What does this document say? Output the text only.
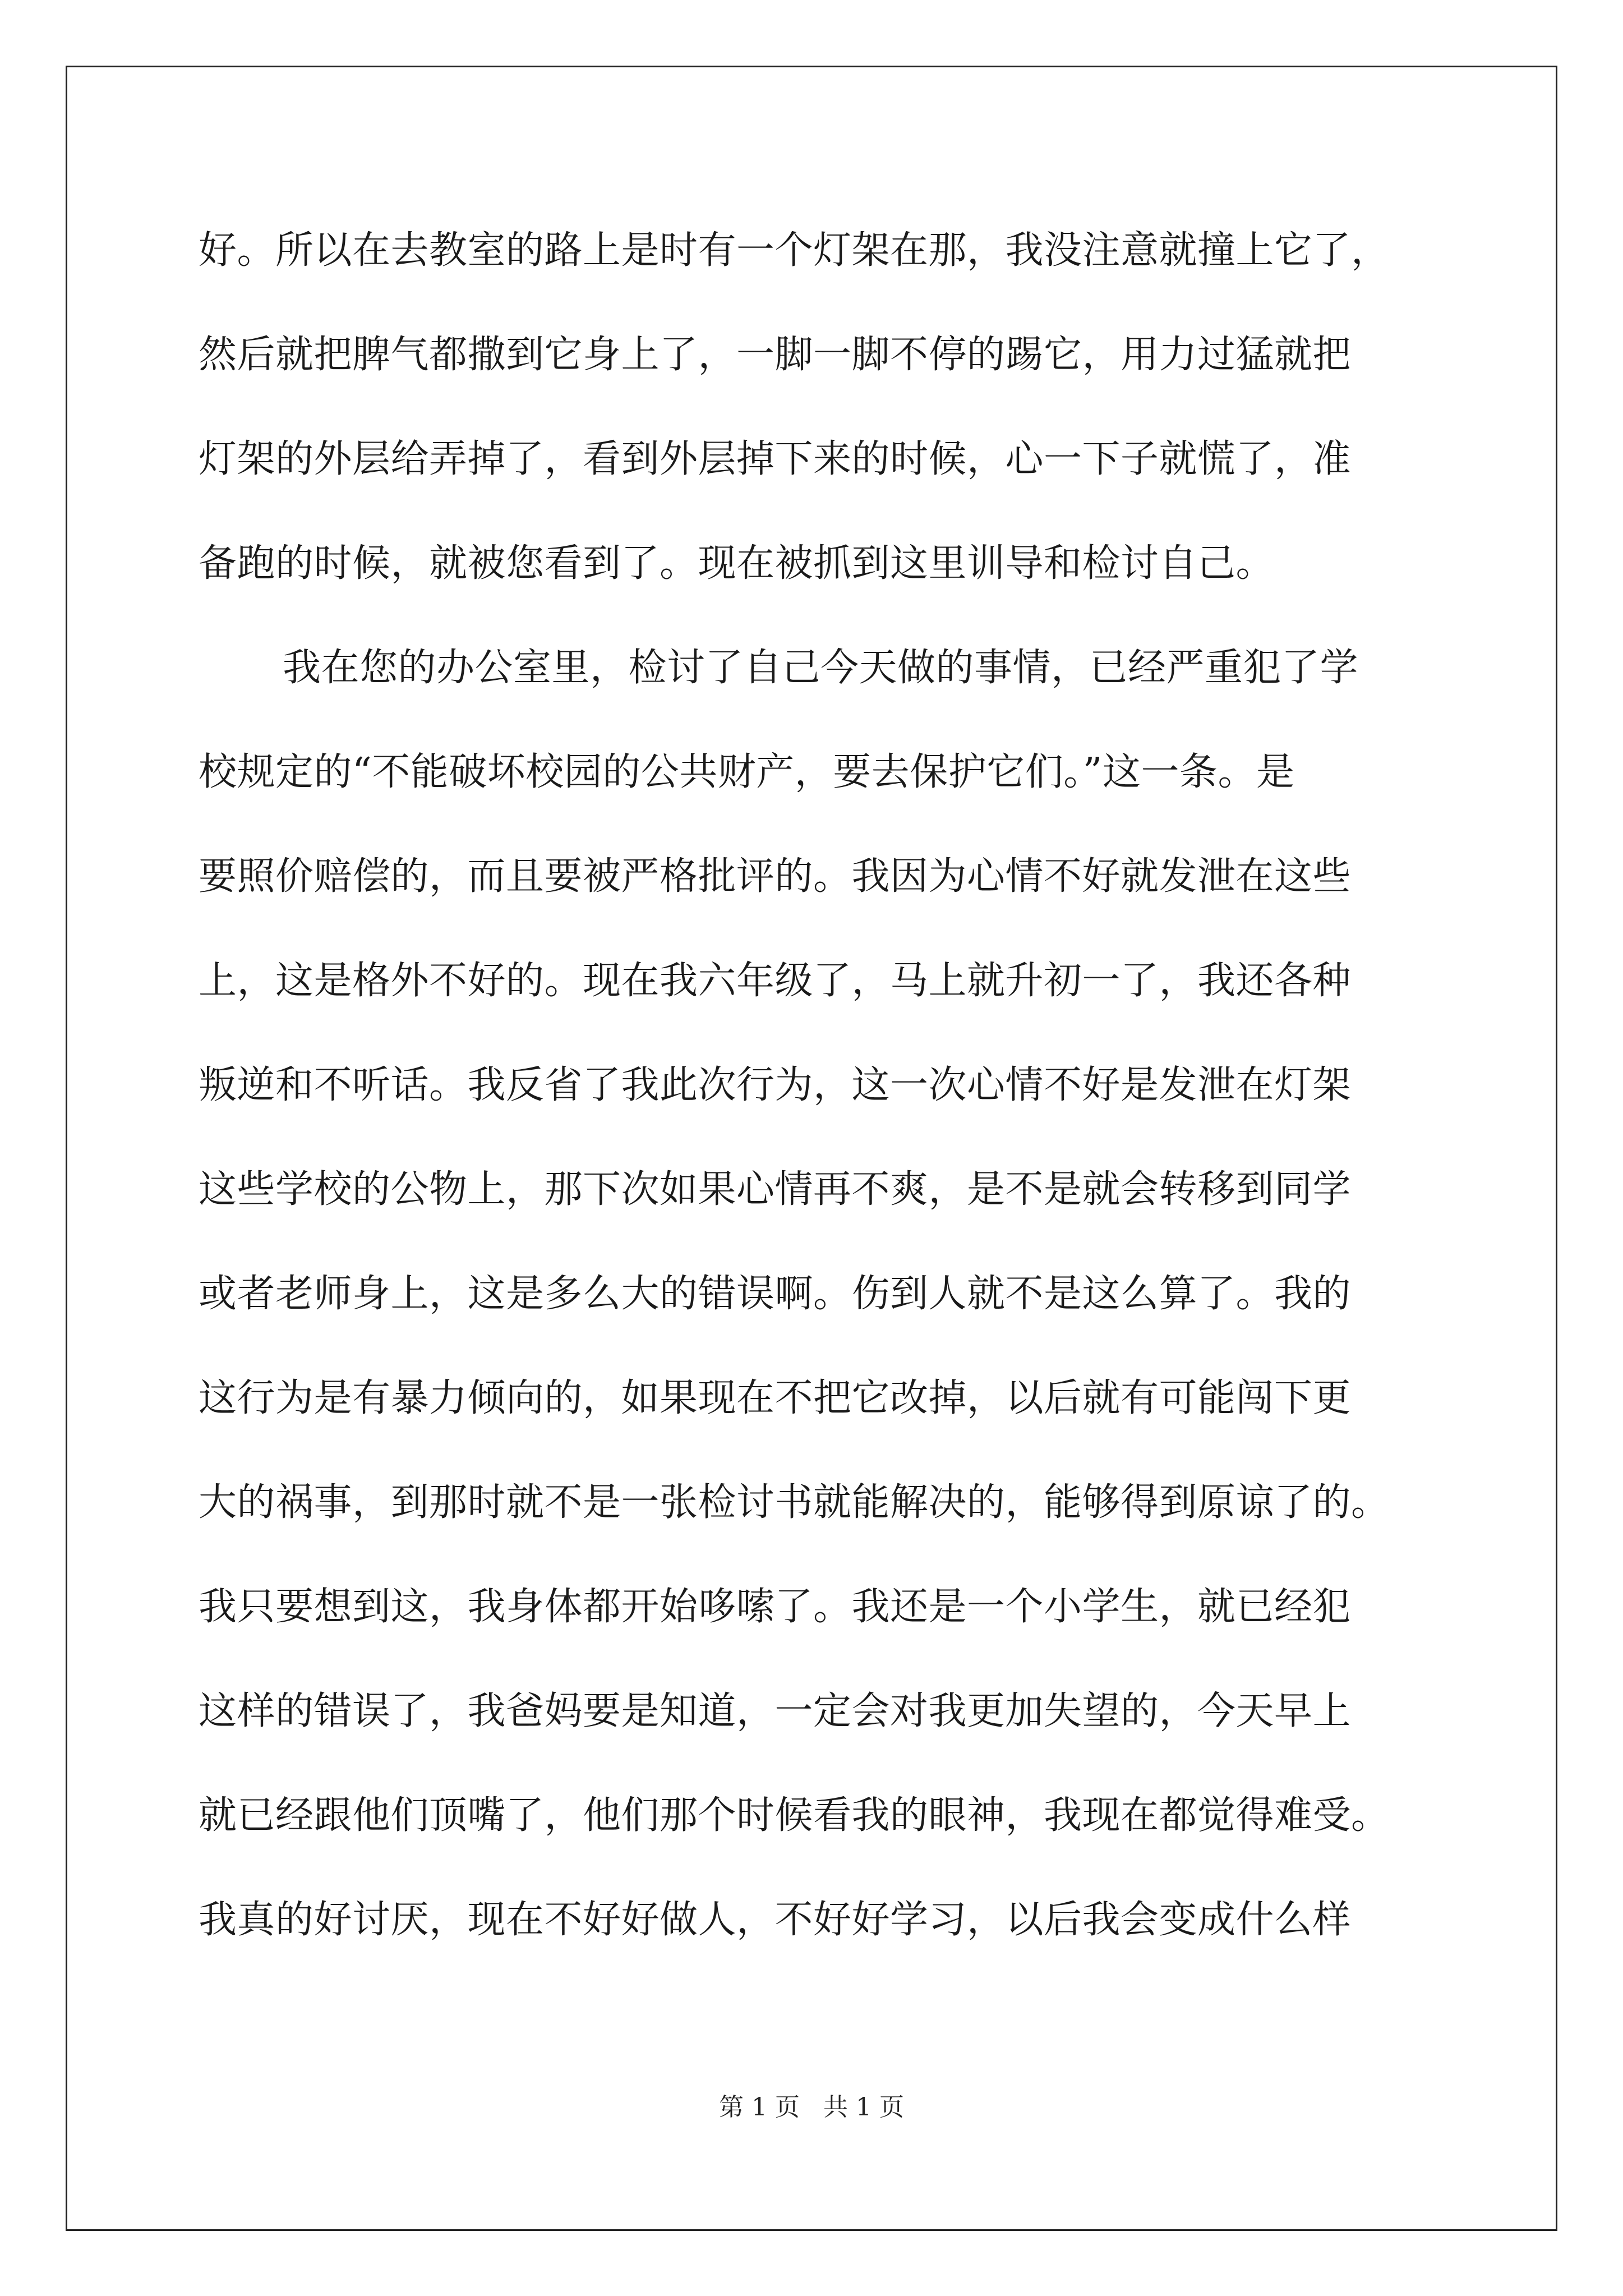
好。所以在去教室的路上是时有一个灯架在那，我没注意就撞上它了，
然后就把脾气都撒到它身上了，一脚一脚不停的踢它，用力过猛就把
灯架的外层给弄掉了，看到外层掉下来的时候，心一下子就慌了，准
备跑的时候，就被您看到了。现在被抓到这里训导和检讨自己。
我在您的办公室里，检讨了自己今天做的事情，已经严重犯了学
校规定的“不能破坏校园的公共财产，要去保护它们。”这一条。是
要照价赔偿的，而且要被严格批评的。我因为心情不好就发泄在这些
上，这是格外不好的。现在我六年级了，马上就升初一了，我还各种
叛逆和不听话。我反省了我此次行为，这一次心情不好是发泄在灯架
这些学校的公物上，那下次如果心情再不爽，是不是就会转移到同学
或者老师身上，这是多么大的错误啊。伤到人就不是这么算了。我的
这行为是有暴力倾向的，如果现在不把它改掉，以后就有可能闯下更
大的祸事，到那时就不是一张检讨书就能解决的，能够得到原谅了的。
我只要想到这，我身体都开始哆嗦了。我还是一个小学生，就已经犯
这样的错误了，我爸妈要是知道，一定会对我更加失望的，今天早上
就已经跟他们顶嘴了，他们那个时候看我的眼神，我现在都觉得难受。
我真的好讨厌，现在不好好做人，不好好学习，以后我会变成什么样
第 1 页   共 1 页
